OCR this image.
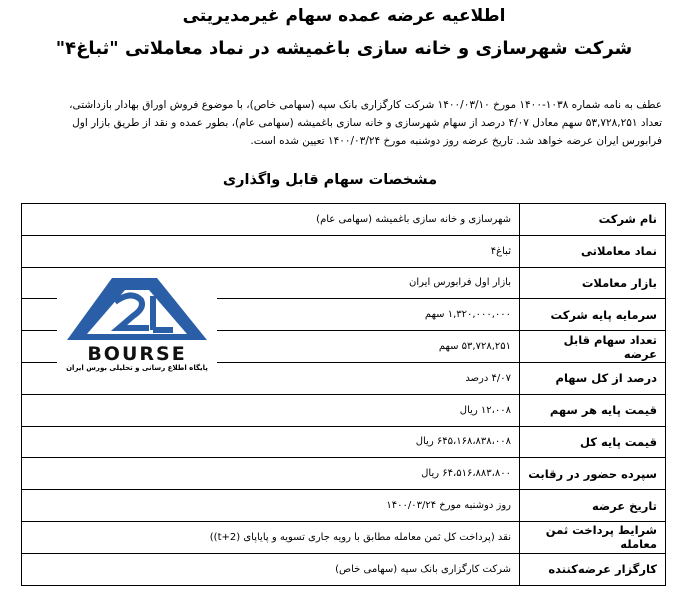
اطلاعیه عرضه عمده سهام غیرمدیریتی
شرکت شهرسازی و خانه سازی باغمیشه در نماد معاملاتی "ثباغ۴"
عطف به نامه شماره ۱۰۳۸-۱۴۰۰ مورخ ۱۴۰۰/۰۳/۱۰ شرکت کارگزاری بانک سپه (سهامی خاص)، با موضوع فروش اوراق بهادار بازداشتی،
تعداد ۵۳,۷۲۸,۲۵۱ سهم معادل ۴/۰۷ درصد از سهام شهرسازی و خانه سازی باغمیشه (سهامی عام)، بطور عمده و نقد از طریق بازار اول
فرابورس ایران عرضه خواهد شد. تاریخ عرضه روز دوشنبه مورخ ۱۴۰۰/۰۳/۲۴ تعیین شده است.
مشخصات سهام قابل واگذاری
نام شرکت	شهرسازی و خانه سازی باغمیشه (سهامی عام)
نماد معاملاتی	ثباغ۴
بازار معاملات	بازار اول فرابورس ایران
سرمایه پایه شرکت	۱,۳۲۰,۰۰۰,۰۰۰ سهم
تعداد سهام قابل عرضه	۵۳,۷۲۸,۲۵۱ سهم
درصد از کل سهام	۴/۰۷ درصد
قیمت پایه هر سهم	۱۲،۰۰۸ ریال
قیمت پایه کل	۶۴۵،۱۶۸،۸۳۸،۰۰۸ ریال
سپرده حضور در رقابت	۶۴،۵۱۶،۸۸۳،۸۰۰ ریال
تاریخ عرضه	روز دوشنبه مورخ ۱۴۰۰/۰۳/۲۴
شرایط پرداخت ثمن معامله	نقد (پرداخت کل ثمن معامله مطابق با رویه جاری تسویه و پایاپای (t+2))
کارگزار عرضه‌کننده	شرکت کارگزاری بانک سپه (سهامی خاص)
BOURSE
پایگاه اطلاع رسانی و تحلیلی بورس ایران
